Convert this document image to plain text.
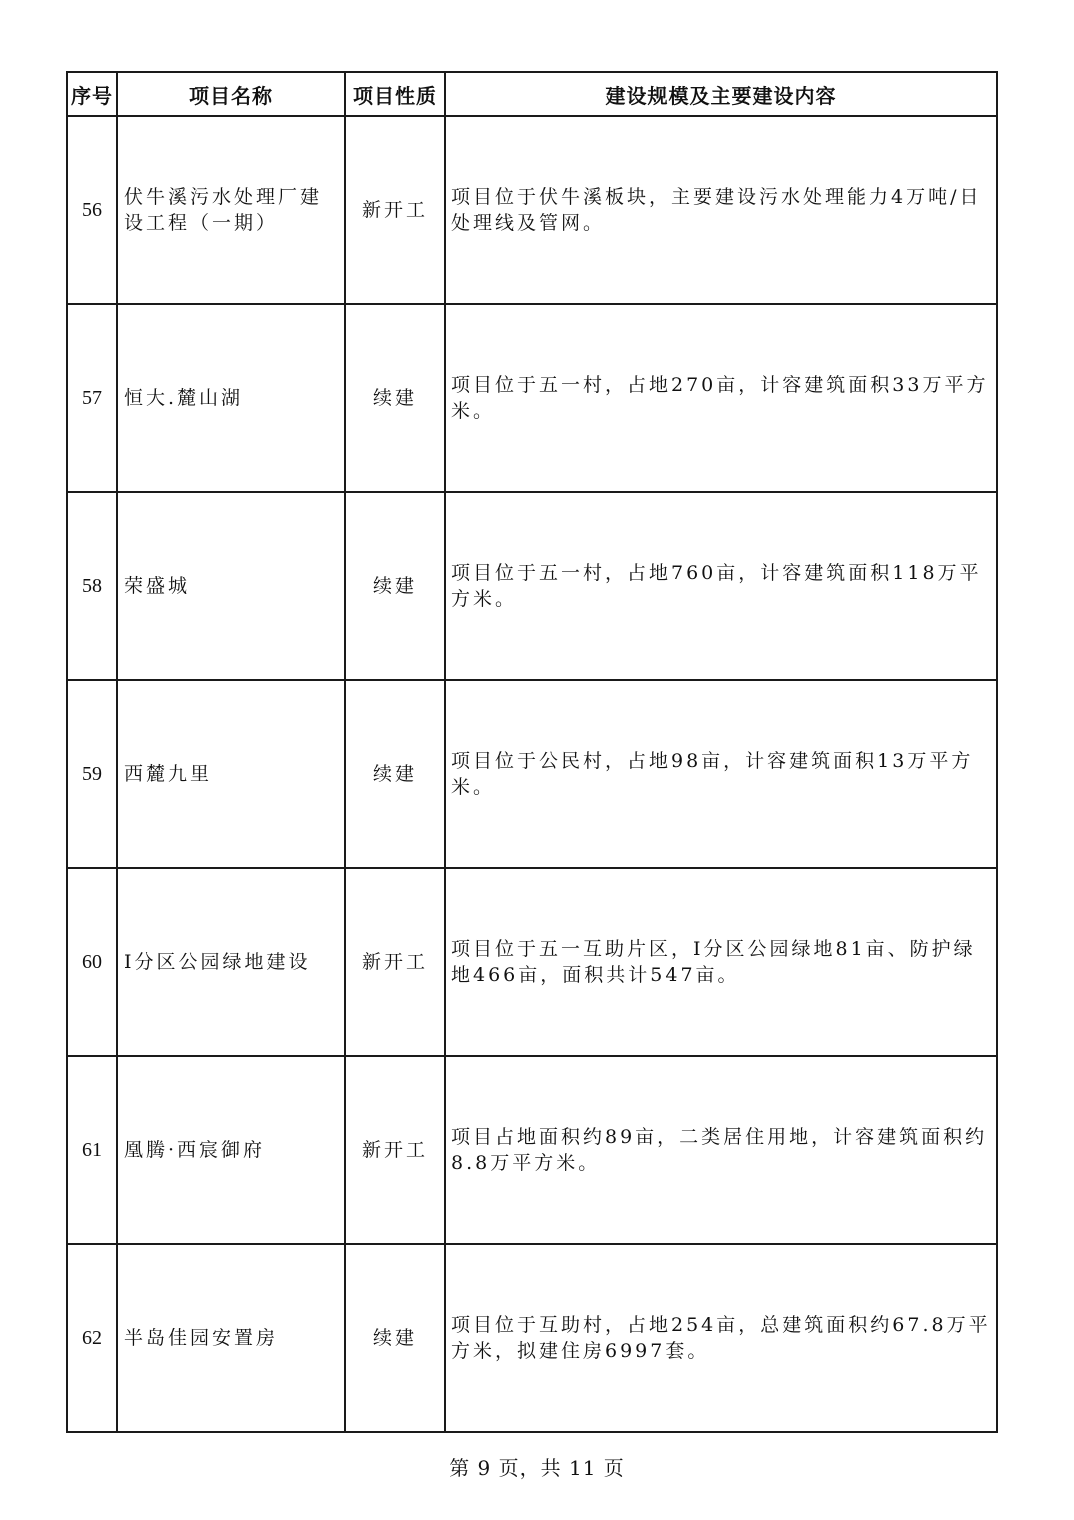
序号	项目名称	项目性质	建设规模及主要建设内容
56	伏牛溪污水处理厂建设工程（一期）	新开工	项目位于伏牛溪板块，主要建设污水处理能力4万吨/日处理线及管网。
57	恒大.麓山湖	续建	项目位于五一村，占地270亩，计容建筑面积33万平方米。
58	荣盛城	续建	项目位于五一村，占地760亩，计容建筑面积118万平方米。
59	西麓九里	续建	项目位于公民村，占地98亩，计容建筑面积13万平方米。
60	I分区公园绿地建设	新开工	项目位于五一互助片区，I分区公园绿地81亩、防护绿地466亩，面积共计547亩。
61	凰腾·西宸御府	新开工	项目占地面积约89亩，二类居住用地，计容建筑面积约8.8万平方米。
62	半岛佳园安置房	续建	项目位于互助村，占地254亩，总建筑面积约67.8万平方米，拟建住房6997套。
第 9 页，共 11 页
